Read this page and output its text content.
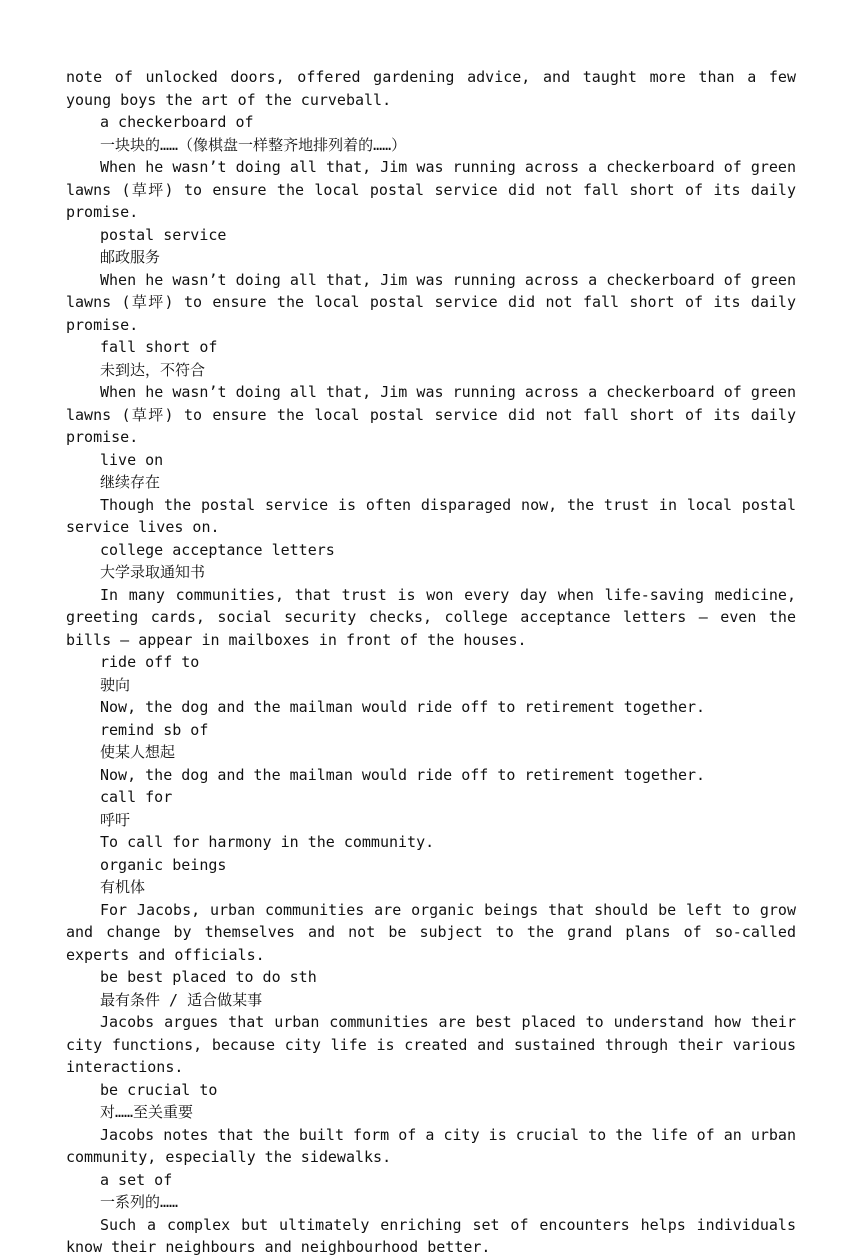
note of unlocked doors, offered gardening advice, and taught more than a few young boys the art of the curveball.
a checkerboard of
一块块的……（像棋盘一样整齐地排列着的……）
When he wasn’t doing all that, Jim was running across a checkerboard of green lawns (草坪) to ensure the local postal service did not fall short of its daily promise.
postal service
邮政服务
When he wasn’t doing all that, Jim was running across a checkerboard of green lawns (草坪) to ensure the local postal service did not fall short of its daily promise.
fall short of
未到达，不符合
When he wasn’t doing all that, Jim was running across a checkerboard of green lawns (草坪) to ensure the local postal service did not fall short of its daily promise.
live on
继续存在
Though the postal service is often disparaged now, the trust in local postal service lives on.
college acceptance letters
大学录取通知书
In many communities, that trust is won every day when life-saving medicine, greeting cards, social security checks, college acceptance letters — even the bills — appear in mailboxes in front of the houses.
ride off to
驶向
Now, the dog and the mailman would ride off to retirement together.
remind sb of
使某人想起
Now, the dog and the mailman would ride off to retirement together.
call for
呼吁
To call for harmony in the community.
organic beings
有机体
For Jacobs, urban communities are organic beings that should be left to grow and change by themselves and not be subject to the grand plans of so-called experts and officials.
be best placed to do sth
最有条件 / 适合做某事
Jacobs argues that urban communities are best placed to understand how their city functions, because city life is created and sustained through their various interactions.
be crucial to
对……至关重要
Jacobs notes that the built form of a city is crucial to the life of an urban community, especially the sidewalks.
a set of
一系列的……
Such a complex but ultimately enriching set of encounters helps individuals know their neighbours and neighbourhood better.
